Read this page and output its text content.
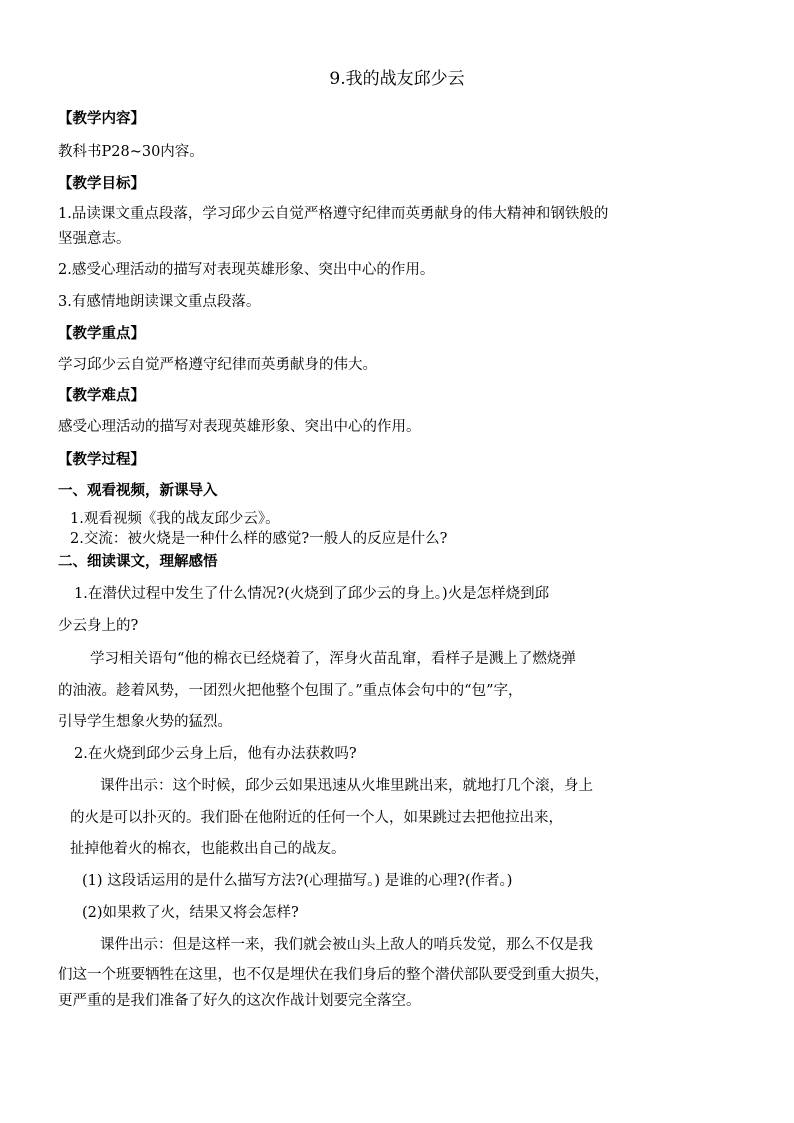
9.我的战友邱少云
【教学内容】
教科书P28~30内容。
【教学目标】
1.品读课文重点段落，学习邱少云自觉严格遵守纪律而英勇献身的伟大精神和钢铁般的
坚强意志。
2.感受心理活动的描写对表现英雄形象、突出中心的作用。
3.有感情地朗读课文重点段落。
【教学重点】
学习邱少云自觉严格遵守纪律而英勇献身的伟大。
【教学难点】
感受心理活动的描写对表现英雄形象、突出中心的作用。
【教学过程】
一、观看视频，新课导入
1.观看视频《我的战友邱少云》。
2.交流：被火烧是一种什么样的感觉?一般人的反应是什么?
二、细读课文，理解感悟
1.在潜伏过程中发生了什么情况?(火烧到了邱少云的身上。)火是怎样烧到邱
少云身上的?
学习相关语句“他的棉衣已经烧着了，浑身火苗乱窜，看样子是溅上了燃烧弹
的油液。趁着风势，一团烈火把他整个包围了。”重点体会句中的“包”字，
引导学生想象火势的猛烈。
2.在火烧到邱少云身上后，他有办法获救吗?
课件出示：这个时候，邱少云如果迅速从火堆里跳出来，就地打几个滚，身上
的火是可以扑灭的。我们卧在他附近的任何一个人，如果跳过去把他拉出来，
扯掉他着火的棉衣，也能救出自己的战友。
(1) 这段话运用的是什么描写方法?(心理描写。) 是谁的心理?(作者。)
(2)如果救了火，结果又将会怎样?
课件出示：但是这样一来，我们就会被山头上敌人的哨兵发觉，那么不仅是我
们这一个班要牺牲在这里，也不仅是埋伏在我们身后的整个潜伏部队要受到重大损失，
更严重的是我们准备了好久的这次作战计划要完全落空。
